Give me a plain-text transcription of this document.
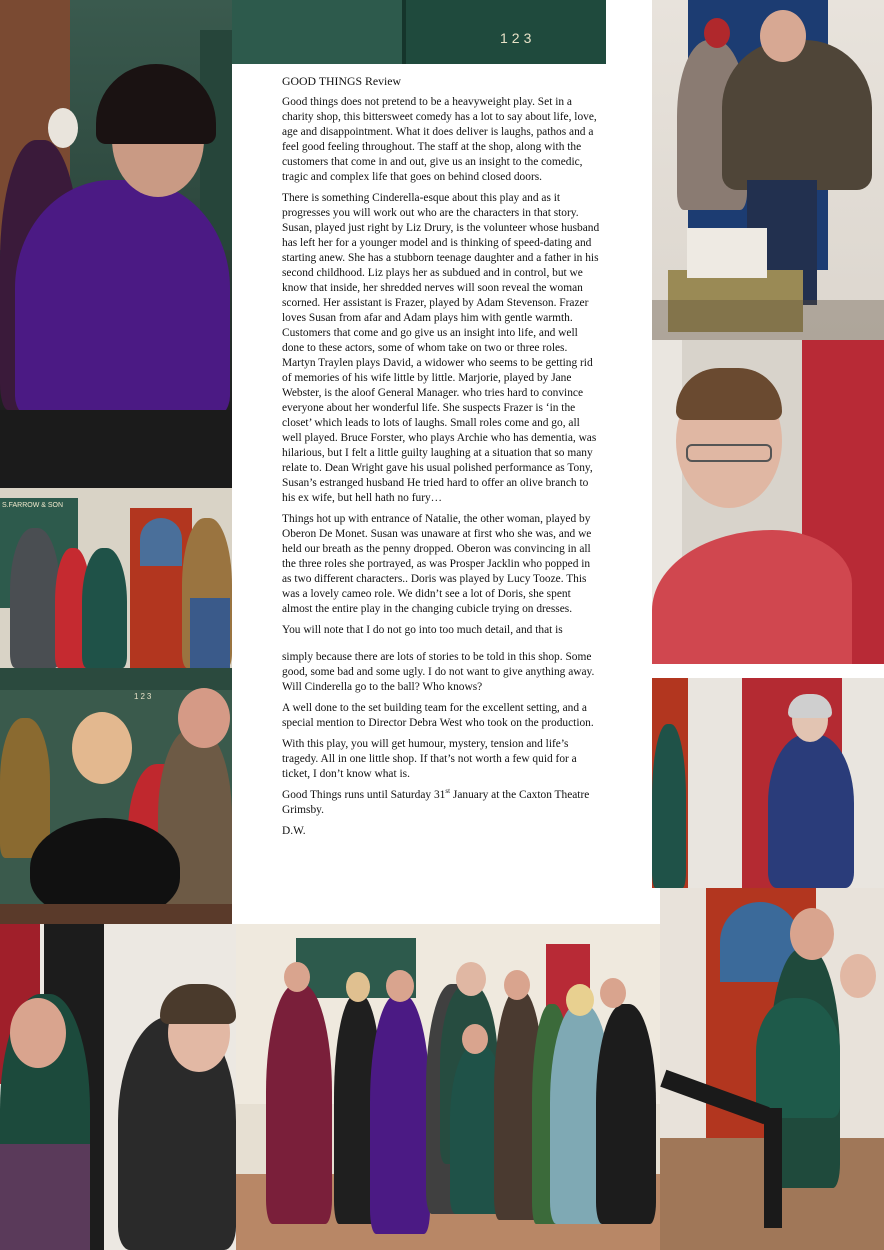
123
S.FARROW & SON
123
GOOD THINGS Review

Good things does not pretend to be a heavyweight play. Set in a charity shop, this bittersweet comedy has a lot to say about life, love, age and disappointment. What it does deliver is laughs, pathos and a feel good feeling throughout. The staff at the shop, along with the customers that come in and out, give us an insight to the comedic, tragic and complex life that goes on behind closed doors.

There is something Cinderella-esque about this play and as it progresses you will work out who are the characters in that story. Susan, played just right by Liz Drury, is the volunteer whose husband has left her for a younger model and is thinking of speed-dating and starting anew. She has a stubborn teenage daughter and a father in his second childhood. Liz plays her as subdued and in control, but we know that inside, her shredded nerves will soon reveal the woman scorned. Her assistant is Frazer, played by Adam Stevenson. Frazer loves Susan from afar and Adam plays him with gentle warmth. Customers that come and go give us an insight into life, and well done to these actors, some of whom take on two or three roles. Martyn Traylen plays David, a widower who seems to be getting rid of memories of his wife little by little. Marjorie, played by Jane Webster, is the aloof General Manager. who tries hard to convince everyone about her wonderful life. She suspects Frazer is ‘in the closet’ which leads to lots of laughs. Small roles come and go, all well played. Bruce Forster, who plays Archie who has dementia, was hilarious, but I felt a little guilty laughing at a situation that so many relate to. Dean Wright gave his usual polished performance as Tony, Susan’s estranged husband He tried hard to offer an olive branch to his ex wife, but hell hath no fury…

Things hot up with entrance of Natalie, the other woman, played by Oberon De Monet. Susan was unaware at first who she was, and we held our breath as the penny dropped. Oberon was convincing in all the three roles she portrayed, as was Prosper Jacklin who popped in as two different characters.. Doris was played by Lucy Tooze. This was a lovely cameo role. We didn’t see a lot of Doris, she spent almost the entire play in the changing cubicle trying on dresses.

You will note that I do not go into too much detail, and that is

simply because there are lots of stories to be told in this shop. Some good, some bad and some ugly. I do not want to give anything away. Will Cinderella go to the ball? Who knows?

A well done to the set building team for the excellent setting, and a special mention to Director Debra West who took on the production.

With this play, you will get humour, mystery, tension and life’s tragedy. All in one little shop. If that’s not worth a few quid for a ticket, I don’t know what is.

Good Things runs until Saturday 31st January at the Caxton Theatre Grimsby.

D.W.
